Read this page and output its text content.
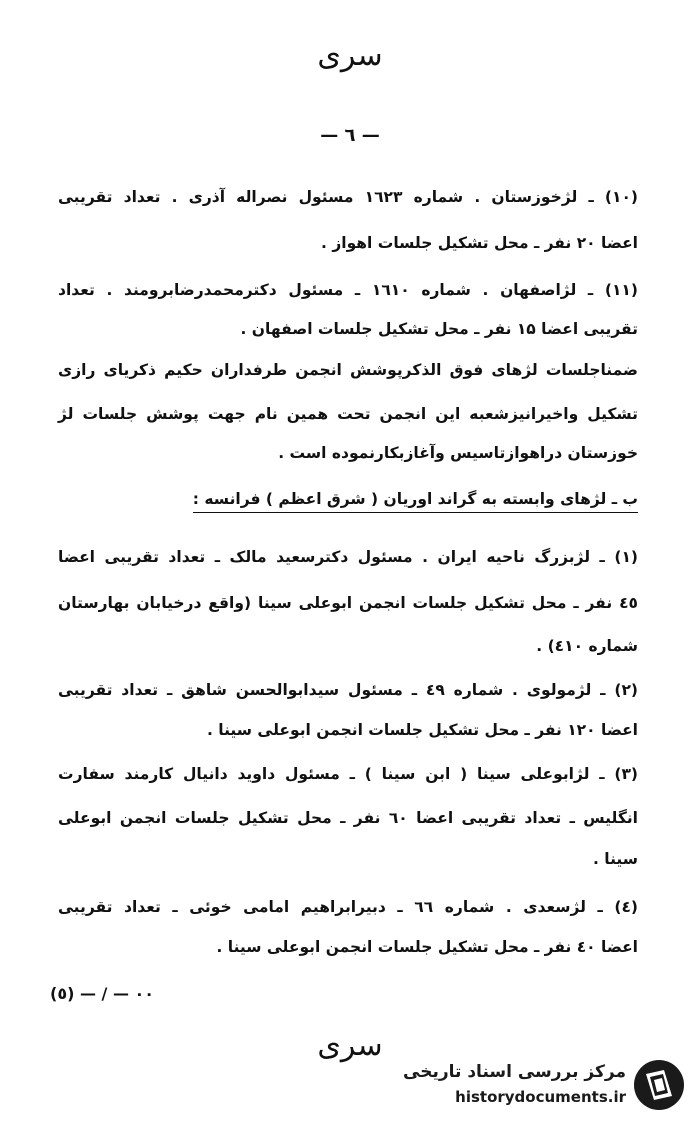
سری
— ٦ —
(۱۰) ـ لژخوزستان . شماره ۱٦۲۳ مسئول نصراله آذری . تعداد تقریبی
اعضا ۲۰ نفر ـ محل تشکیل جلسات اهواز .
(۱۱) ـ لژاصفهان . شماره ۱٦۱۰ ـ مسئول دکترمحمدرضابرومند . تعداد
تقریبی اعضا ۱۵ نفر ـ محل تشکیل جلسات اصفهان .
ضمناجلسات لژهای فوق الذکرپوشش انجمن طرفداران حکیم ذکریای رازی
تشکیل واخیرانیزشعبه این انجمن تحت همین نام جهت پوشش جلسات لژ
خوزستان دراهوازتاسیس وآغازبکارنموده است .
ب ـ لژهای وابسته به گراند اوریان ( شرق اعظم ) فرانسه :
(۱) ـ لژبزرگ ناحیه ایران . مسئول دکترسعید مالک ـ تعداد تقریبی اعضا
٤٥ نفر ـ محل تشکیل جلسات انجمن ابوعلی سینا (واقع درخیابان بهارستان
شماره ٤۱۰) .
(۲) ـ لژمولوی . شماره ٤۹ ـ مسئول سیدابوالحسن شاهق ـ تعداد تقریبی
اعضا ۱۲۰ نفر ـ محل تشکیل جلسات انجمن ابوعلی سینا .
(۳) ـ لژابوعلی سینا ( ابن سینا ) ـ مسئول داوید دانیال کارمند سفارت
انگلیس ـ تعداد تقریبی اعضا ٦۰ نفر ـ محل تشکیل جلسات انجمن ابوعلی
سینا .
(٤) ـ لژسعدی . شماره ٦٦ ـ دبیرابراهیم امامی خوئی ـ تعداد تقریبی
اعضا ٤۰ نفر ـ محل تشکیل جلسات انجمن ابوعلی سینا .
(٥) — / — ۰۰
سری
مرکز بررسی اسناد تاریخی
historydocuments.ir
